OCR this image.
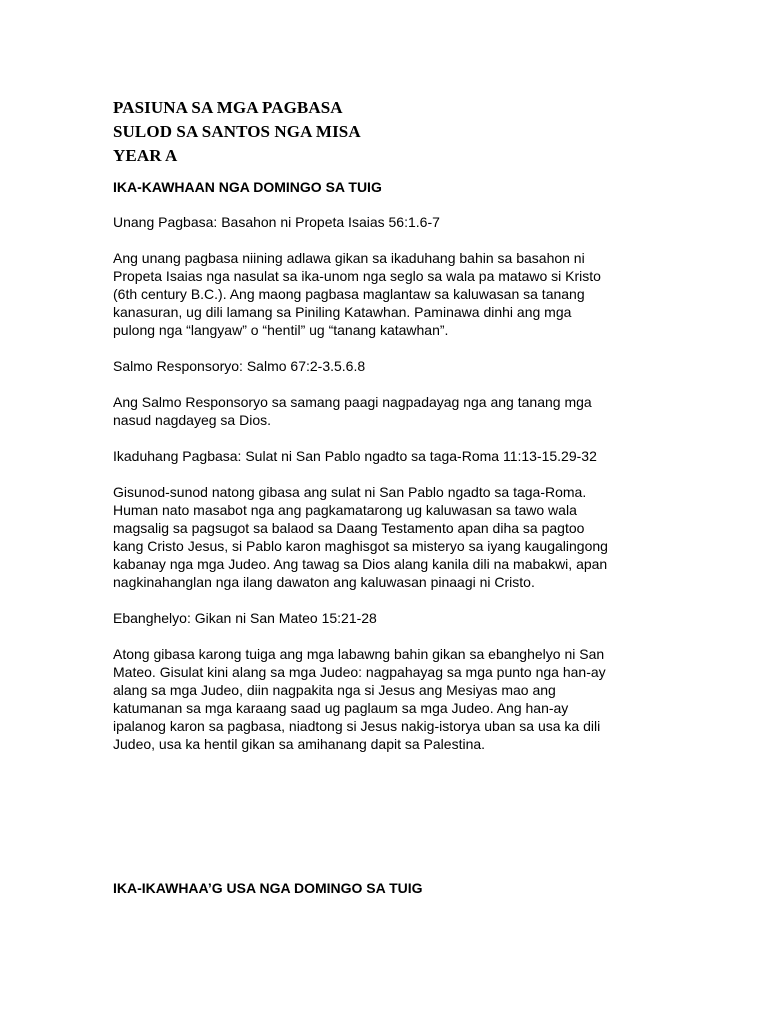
PASIUNA SA MGA PAGBASA
SULOD SA SANTOS NGA MISA
YEAR A
IKA-KAWHAAN NGA DOMINGO SA TUIG
Unang Pagbasa: Basahon ni Propeta Isaias 56:1.6-7
Ang unang pagbasa niining adlawa gikan sa ikaduhang bahin sa basahon ni
Propeta Isaias nga nasulat sa ika-unom nga seglo sa wala pa matawo si Kristo
(6th century B.C.). Ang maong pagbasa maglantaw sa kaluwasan sa tanang
kanasuran, ug dili lamang sa Piniling Katawhan. Paminawa dinhi ang mga
pulong nga “langyaw” o “hentil” ug “tanang katawhan”.
Salmo Responsoryo: Salmo 67:2-3.5.6.8
Ang Salmo Responsoryo sa samang paagi nagpadayag nga ang tanang mga
nasud nagdayeg sa Dios.
Ikaduhang Pagbasa: Sulat ni San Pablo ngadto sa taga-Roma 11:13-15.29-32
Gisunod-sunod natong gibasa ang sulat ni San Pablo ngadto sa taga-Roma.
Human nato masabot nga ang pagkamatarong ug kaluwasan sa tawo wala
magsalig sa pagsugot sa balaod sa Daang Testamento apan diha sa pagtoo
kang Cristo Jesus, si Pablo karon maghisgot sa misteryo sa iyang kaugalingong
kabanay nga mga Judeo. Ang tawag sa Dios alang kanila dili na mabakwi, apan
nagkinahanglan nga ilang dawaton ang kaluwasan pinaagi ni Cristo.
Ebanghelyo: Gikan ni San Mateo 15:21-28
Atong gibasa karong tuiga ang mga labawng bahin gikan sa ebanghelyo ni San
Mateo. Gisulat kini alang sa mga Judeo: nagpahayag sa mga punto nga han-ay
alang sa mga Judeo, diin nagpakita nga si Jesus ang Mesiyas mao ang
katumanan sa mga karaang saad ug paglaum sa mga Judeo. Ang han-ay
ipalanog karon sa pagbasa, niadtong si Jesus nakig-istorya uban sa usa ka dili
Judeo, usa ka hentil gikan sa amihanang dapit sa Palestina.
IKA-IKAWHAA’G USA NGA DOMINGO SA TUIG
